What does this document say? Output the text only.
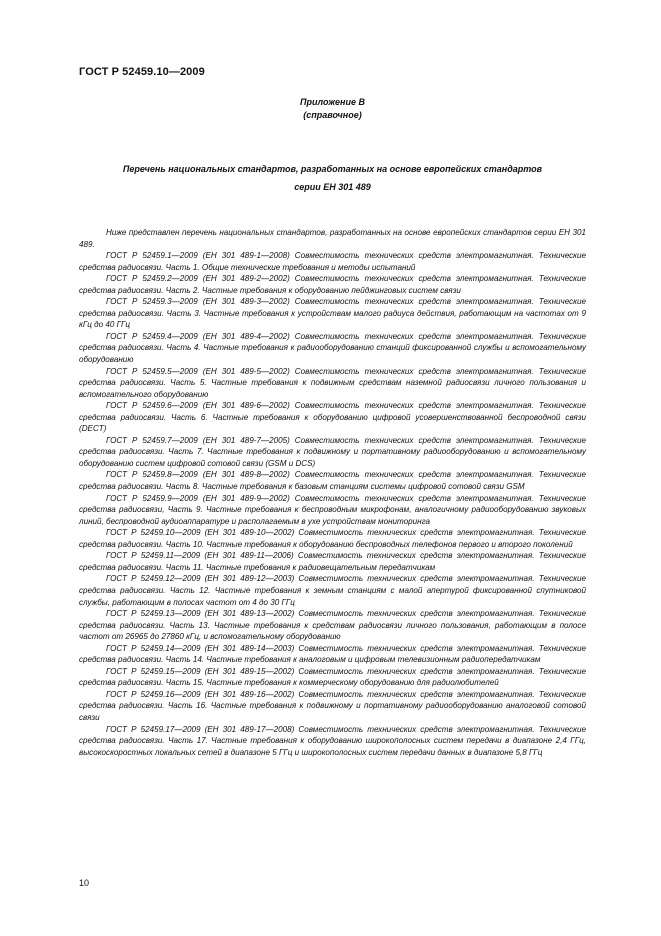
ГОСТ Р 52459.10—2009
Приложение В
(справочное)
Перечень национальных стандартов, разработанных на основе европейских стандартов
серии ЕН 301 489

Ниже представлен перечень национальных стандартов, разработанных на основе европейских стандартов серии ЕН 301 489.

ГОСТ Р 52459.1—2009 (ЕН 301 489-1—2008) Совместимость технических средств электромагнитная. Технические средства радиосвязи. Часть 1. Общие технические требования и методы испытаний

ГОСТ Р 52459.2—2009 (ЕН 301 489-2—2002) Совместимость технических средств электромагнитная. Технические средства радиосвязи. Часть 2. Частные требования к оборудованию пейджинговых систем связи

ГОСТ Р 52459.3—2009 (ЕН 301 489-3—2002) Совместимость технических средств электромагнитная. Технические средства радиосвязи. Часть 3. Частные требования к устройствам малого радиуса действия, работающим на частотах от 9 кГц до 40 ГГц

ГОСТ Р 52459.4—2009 (ЕН 301 489-4—2002) Совместимость технических средств электромагнитная. Технические средства радиосвязи. Часть 4. Частные требования к радиооборудованию станций фиксированной службы и вспомогательному оборудованию

ГОСТ Р 52459.5—2009 (ЕН 301 489-5—2002) Совместимость технических средств электромагнитная. Технические средства радиосвязи. Часть 5. Частные требования к подвижным средствам наземной радиосвязи личного пользования и вспомогательного оборудованию

ГОСТ Р 52459.6—2009 (ЕН 301 489-6—2002) Совместимость технических средств электромагнитная. Технические средства радиосвязи. Часть 6. Частные требования к оборудованию цифровой усовершенствованной беспроводной связи (DECT)

ГОСТ Р 52459.7—2009 (ЕН 301 489-7—2005) Совместимость технических средств электромагнитная. Технические средства радиосвязи. Часть 7. Частные требования к подвижному и портативному радиооборудованию и вспомогательному оборудованию систем цифровой сотовой связи (GSM и DCS)

ГОСТ Р 52459.8—2009 (ЕН 301 489-8—2002) Совместимость технических средств электромагнитная. Технические средства радиосвязи. Часть 8. Частные требования к базовым станциям системы цифровой сотовой связи GSM

ГОСТ Р 52459.9—2009 (ЕН 301 489-9—2002) Совместимость технических средств электромагнитная. Технические средства радиосвязи, Часть 9. Частные требования к беспроводным микрофонам, аналогичному радиооборудованию звуковых линий, беспроводной аудиоаппаратуре и располагаемым в ухе устройствам мониторинга

ГОСТ Р 52459.10—2009 (ЕН 301 489-10—2002) Совместимость технических средств электромагнитная. Технические средства радиосвязи. Часть 10. Частные требования к оборудованию беспроводных телефонов первого и второго поколений

ГОСТ Р 52459.11—2009 (ЕН 301 489-11—2006) Совместимость технических средств электромагнитная. Технические средства радиосвязи. Часть 11. Частные требования к радиовещательным передатчикам

ГОСТ Р 52459.12—2009 (ЕН 301 489-12—2003) Совместимость технических средств электромагнитная. Технические средства радиосвязи. Часть 12. Частные требования к земным станциям с малой апертурой фиксированной спутниковой службы, работающим в полосах частот от 4 до 30 ГГц

ГОСТ Р 52459.13—2009 (ЕН 301 489-13—2002) Совместимость технических средств электромагнитная. Технические средства радиосвязи. Часть 13. Частные требования к средствам радиосвязи личного пользования, работающим в полосе частот от 26965 до 27860 кГц, и вспомогательному оборудованию

ГОСТ Р 52459.14—2009 (ЕН 301 489-14—2003) Совместимость технических средств электромагнитная. Технические средства радиосвязи. Часть 14. Частные требования к аналоговым и цифровым телевизионным радиопередатчикам

ГОСТ Р 52459.15—2009 (ЕН 301 489-15—2002) Совместимость технических средств электромагнитная. Технические средства радиосвязи. Часть 15. Частные требования к коммерческому оборудованию для радиолюбителей

ГОСТ Р 52459.16—2009 (ЕН 301 489-16—2002) Совместимость технических средств электромагнитная. Технические средства радиосвязи. Часть 16. Частные требования к подвижному и портативному радиооборудованию аналоговой сотовой связи

ГОСТ Р 52459.17—2009 (ЕН 301 489-17—2008) Совместимость технических средств электромагнитная. Технические средства радиосвязи. Часть 17. Частные требования к оборудованию широкополосных систем передачи в диапазоне 2,4 ГГц, высокоскоростных локальных сетей в диапазоне 5 ГГц и широкополосных систем передачи данных в диапазоне 5,8 ГГц

10
